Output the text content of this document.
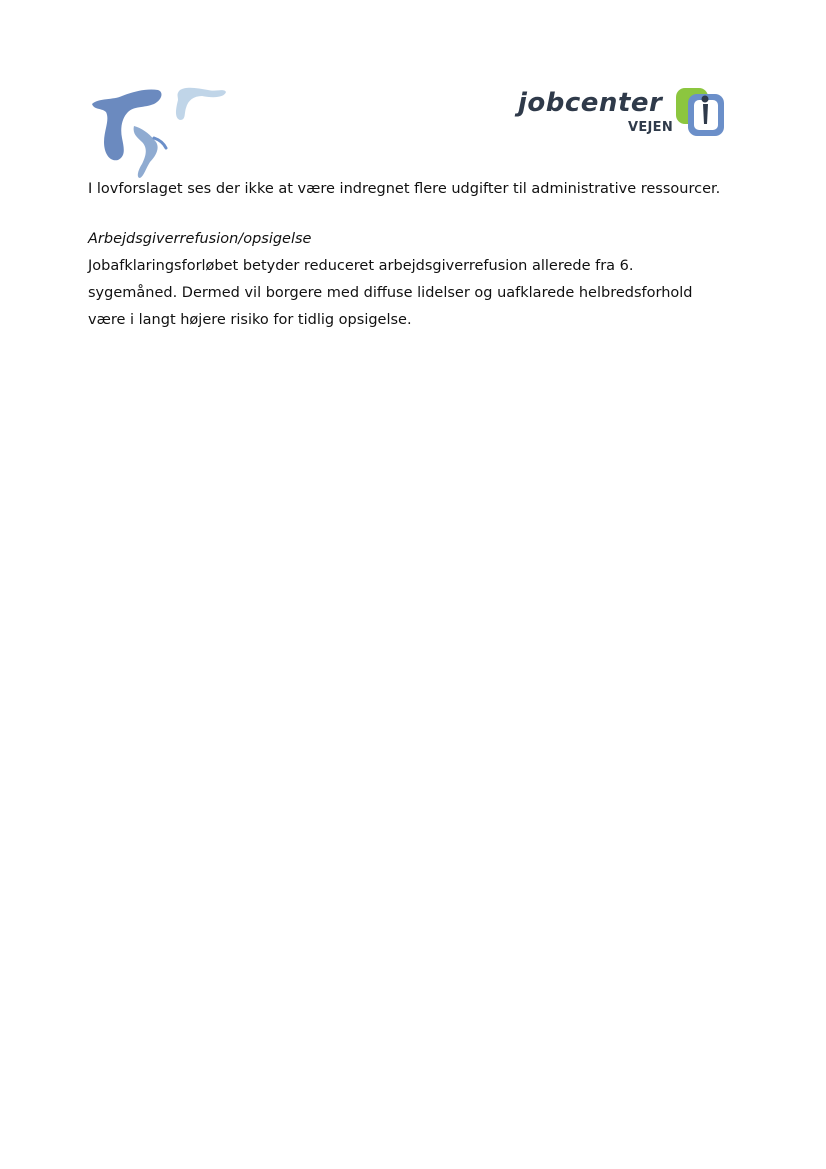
jobcenter
VEJEN

I lovforslaget ses der ikke at være indregnet flere udgifter til administrative ressourcer.

Arbejdsgiverrefusion/opsigelse

Jobafklaringsforløbet betyder reduceret arbejdsgiverrefusion allerede fra 6.
sygemåned. Dermed vil borgere med diffuse lidelser og uafklarede helbredsforhold
være i langt højere risiko for tidlig opsigelse.
